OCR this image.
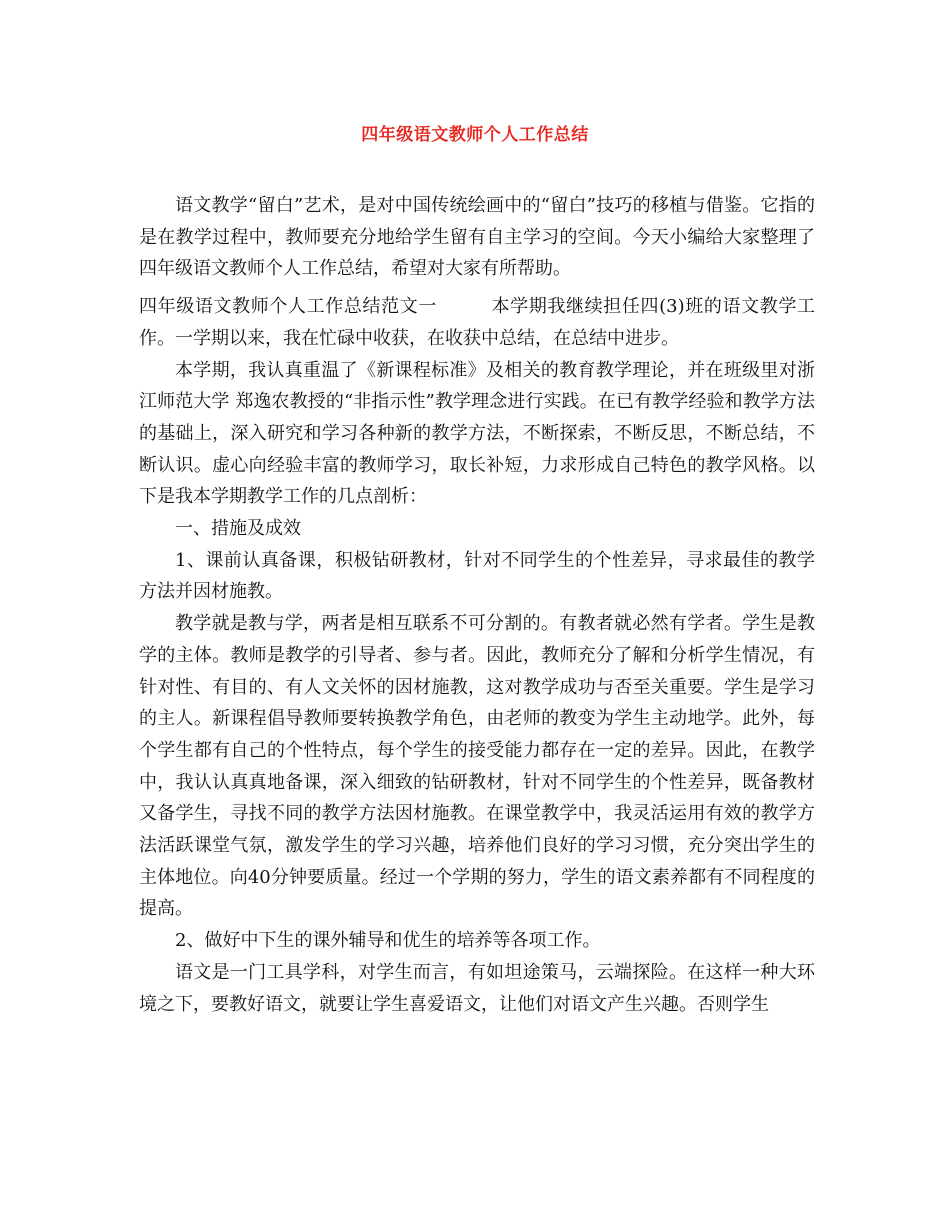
四年级语文教师个人工作总结

语文教学“留白”艺术，是对中国传统绘画中的“留白”技巧的移植与借鉴。它指的是在教学过程中，教师要充分地给学生留有自主学习的空间。今天小编给大家整理了四年级语文教师个人工作总结，希望对大家有所帮助。

四年级语文教师个人工作总结范文一	本学期我继续担任四(3)班的语文教学工作。一学期以来，我在忙碌中收获，在收获中总结，在总结中进步。

本学期，我认真重温了《新课程标准》及相关的教育教学理论，并在班级里对浙江师范大学 郑逸农教授的“非指示性”教学理念进行实践。在已有教学经验和教学方法的基础上，深入研究和学习各种新的教学方法，不断探索，不断反思，不断总结，不断认识。虚心向经验丰富的教师学习，取长补短，力求形成自己特色的教学风格。以下是我本学期教学工作的几点剖析：

一、措施及成效

1、课前认真备课，积极钻研教材，针对不同学生的个性差异，寻求最佳的教学方法并因材施教。

教学就是教与学，两者是相互联系不可分割的。有教者就必然有学者。学生是教学的主体。教师是教学的引导者、参与者。因此，教师充分了解和分析学生情况，有针对性、有目的、有人文关怀的因材施教，这对教学成功与否至关重要。学生是学习的主人。新课程倡导教师要转换教学角色，由老师的教变为学生主动地学。此外，每个学生都有自己的个性特点，每个学生的接受能力都存在一定的差异。因此，在教学中，我认认真真地备课，深入细致的钻研教材，针对不同学生的个性差异，既备教材又备学生，寻找不同的教学方法因材施教。在课堂教学中，我灵活运用有效的教学方法活跃课堂气氛，激发学生的学习兴趣，培养他们良好的学习习惯，充分突出学生的主体地位。向40分钟要质量。经过一个学期的努力，学生的语文素养都有不同程度的提高。

2、做好中下生的课外辅导和优生的培养等各项工作。

语文是一门工具学科，对学生而言，有如坦途策马，云端探险。在这样一种大环境之下，要教好语文，就要让学生喜爱语文，让他们对语文产生兴趣。否则学生
